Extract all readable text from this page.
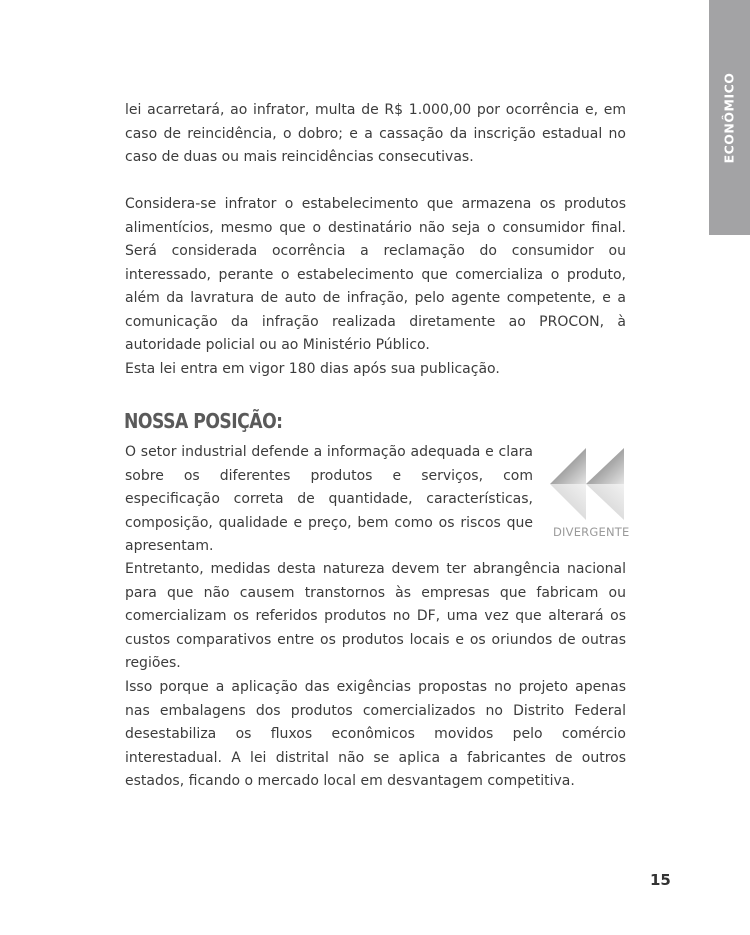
ECONÔMICO

lei acarretará, ao infrator, multa de R$ 1.000,00 por ocorrência e, em caso de reincidência, o dobro; e a cassação da inscrição estadual no caso de duas ou mais reincidências consecutivas.

Considera-se infrator o estabelecimento que armazena os produtos alimentícios, mesmo que o destinatário não seja o consumidor final. Será considerada ocorrência a reclamação do consumidor ou interessado, perante o estabelecimento que comercializa o produto, além da lavratura de auto de infração, pelo agente competente, e a comunicação da infração realizada diretamente ao PROCON, à autoridade policial ou ao Ministério Público.

Esta lei entra em vigor 180 dias após sua publicação.

NOSSA POSIÇÃO:

O setor industrial defende a informação adequada e clara sobre os diferentes produtos e serviços, com especificação correta de quantidade, características, composição, qualidade e preço, bem como os riscos que apresentam.

DIVERGENTE

Entretanto, medidas desta natureza devem ter abrangência nacional para que não causem transtornos às empresas que fabricam ou comercializam os referidos produtos no DF, uma vez que alterará os custos comparativos entre os produtos locais e os oriundos de outras regiões.

Isso porque a aplicação das exigências propostas no projeto apenas nas embalagens dos produtos comercializados no Distrito Federal desestabiliza os fluxos econômicos movidos pelo comércio interestadual. A lei distrital não se aplica a fabricantes de outros estados, ficando o mercado local em desvantagem competitiva.

15
